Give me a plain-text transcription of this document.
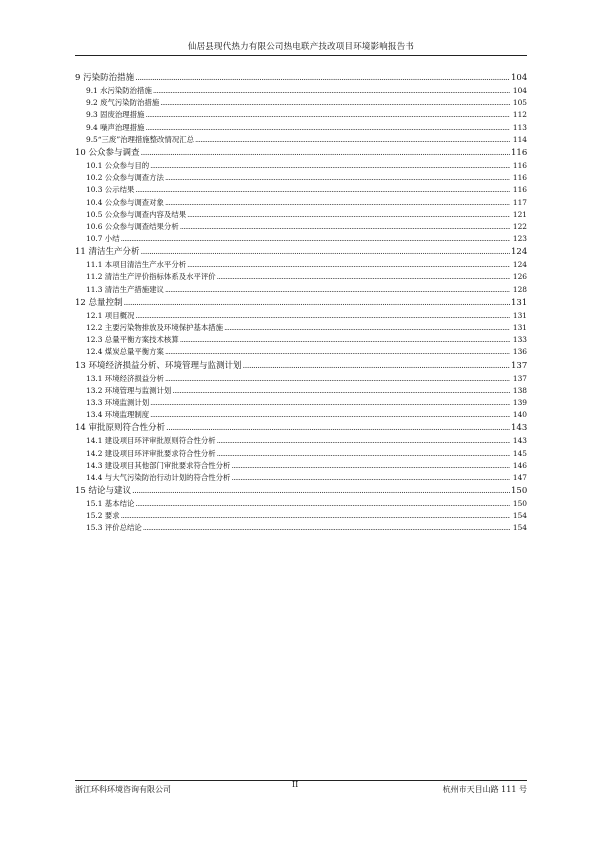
仙居县现代热力有限公司热电联产技改项目环境影响报告书
9 污染防治措施 .....	104
9.1 水污染防治措施 .....	104
9.2 废气污染防治措施 .....	105
9.3 固废治理措施 .....	112
9.4 噪声治理措施 .....	113
9.5“三废”治理措施整改情况汇总 .....	114
10 公众参与调查 .....	116
10.1 公众参与目的 .....	116
10.2 公众参与调查方法 .....	116
10.3 公示结果 .....	116
10.4 公众参与调查对象 .....	117
10.5 公众参与调查内容及结果 .....	121
10.6 公众参与调查结果分析 .....	122
10.7 小结 .....	123
11 清洁生产分析 .....	124
11.1 本项目清洁生产水平分析 .....	124
11.2 清洁生产评价指标体系及水平评价 .....	126
11.3 清洁生产措施建议 .....	128
12 总量控制 .....	131
12.1 项目概况 .....	131
12.2 主要污染物排放及环境保护基本措施 .....	131
12.3 总量平衡方案技术核算 .....	133
12.4 煤炭总量平衡方案 .....	136
13 环境经济损益分析、环境管理与监测计划 .....	137
13.1 环境经济损益分析 .....	137
13.2 环境管理与监测计划 .....	138
13.3 环境监测计划 .....	139
13.4 环境监理制度 .....	140
14 审批原则符合性分析 .....	143
14.1 建设项目环评审批原则符合性分析 .....	143
14.2 建设项目环评审批要求符合性分析 .....	145
14.3 建设项目其他部门审批要求符合性分析 .....	146
14.4 与大气污染防治行动计划的符合性分析 .....	147
15 结论与建议 .....	150
15.1 基本结论 .....	150
15.2 要求 .....	154
15.3 评价总结论 .....	154
浙江环科环境咨询有限公司
II
杭州市天目山路 111 号
